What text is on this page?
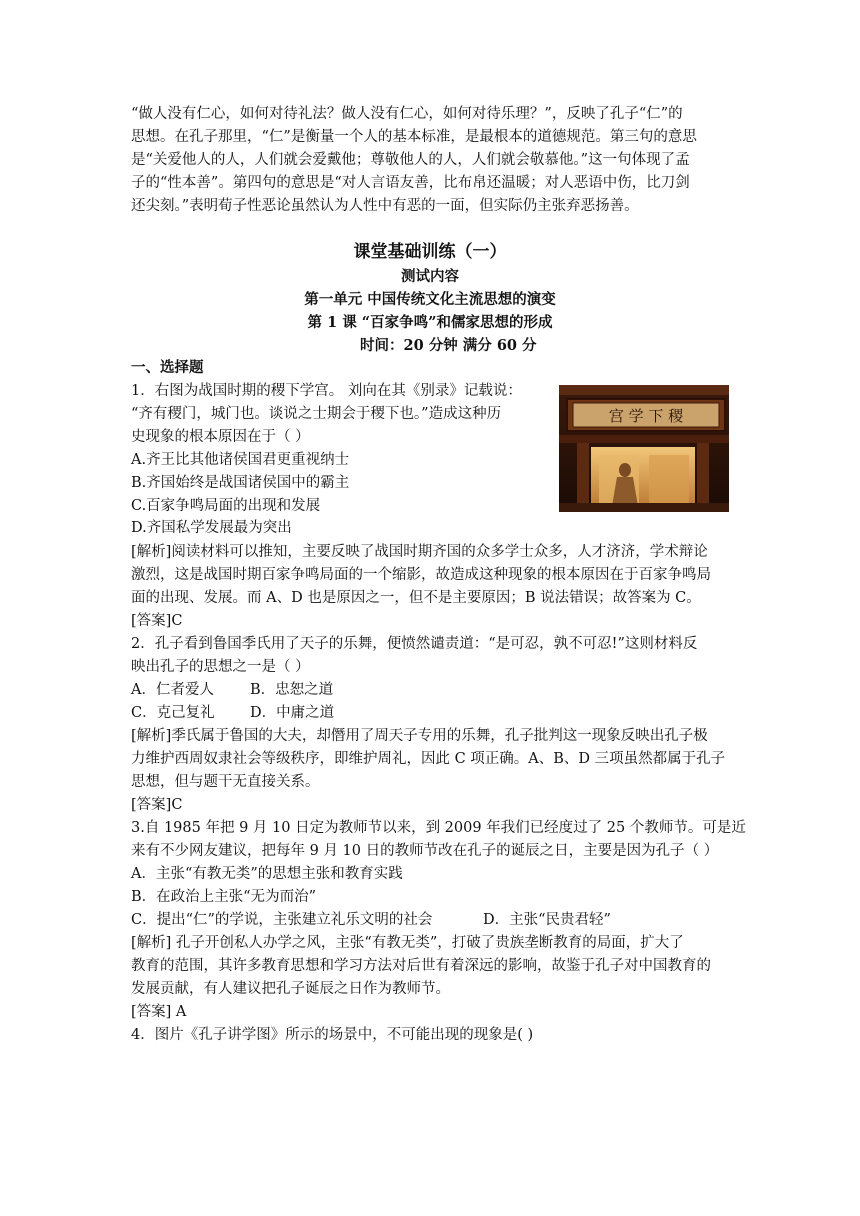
“做人没有仁心，如何对待礼法？做人没有仁心，如何对待乐理？”，反映了孔子“仁”的
思想。在孔子那里，“仁”是衡量一个人的基本标准，是最根本的道德规范。第三句的意思
是“关爱他人的人，人们就会爱戴他；尊敬他人的人，人们就会敬慕他。”这一句体现了孟
子的“性本善”。第四句的意思是“对人言语友善，比布帛还温暖；对人恶语中伤，比刀剑
还尖刻。”表明荀子性恶论虽然认为人性中有恶的一面，但实际仍主张弃恶扬善。
课堂基础训练（一）
测试内容
第一单元 中国传统文化主流思想的演变
第 1 课 “百家争鸣”和儒家思想的形成
时间：20 分钟 满分 60 分
一、选择题
宫 学 下 稷
1．右图为战国时期的稷下学宫。 刘向在其《别录》记载说：
“齐有稷门，城门也。谈说之士期会于稷下也。”造成这种历
史现象的根本原因在于（ ）
A.齐王比其他诸侯国君更重视纳士
B.齐国始终是战国诸侯国中的霸主
C.百家争鸣局面的出现和发展
D.齐国私学发展最为突出
[解析]阅读材料可以推知，主要反映了战国时期齐国的众多学士众多，人才济济，学术辩论
激烈，这是战国时期百家争鸣局面的一个缩影，故造成这种现象的根本原因在于百家争鸣局
面的出现、发展。而 A、D 也是原因之一，但不是主要原因；B 说法错误；故答案为 C。
[答案]C
2．孔子看到鲁国季氏用了天子的乐舞，便愤然谴责道：“是可忍，孰不可忍!”这则材料反
映出孔子的思想之一是（ ）
A．仁者爱人 B．忠恕之道
C．克己复礼 D．中庸之道
[解析]季氏属于鲁国的大夫，却僭用了周天子专用的乐舞，孔子批判这一现象反映出孔子极
力维护西周奴隶社会等级秩序，即维护周礼，因此 C 项正确。A、B、D 三项虽然都属于孔子
思想，但与题干无直接关系。
[答案]C
3.自 1985 年把 9 月 10 日定为教师节以来，到 2009 年我们已经度过了 25 个教师节。可是近
来有不少网友建议，把每年 9 月 10 日的教师节改在孔子的诞辰之日，主要是因为孔子（ ）
A．主张“有教无类”的思想主张和教育实践
B．在政治上主张“无为而治”
C．提出“仁”的学说，主张建立礼乐文明的社会	D．主张“民贵君轻”
[解析] 孔子开创私人办学之风，主张“有教无类”，打破了贵族垄断教育的局面，扩大了
教育的范围，其许多教育思想和学习方法对后世有着深远的影响，故鉴于孔子对中国教育的
发展贡献，有人建议把孔子诞辰之日作为教师节。
[答案] A
4．图片《孔子讲学图》所示的场景中，不可能出现的现象是( )
